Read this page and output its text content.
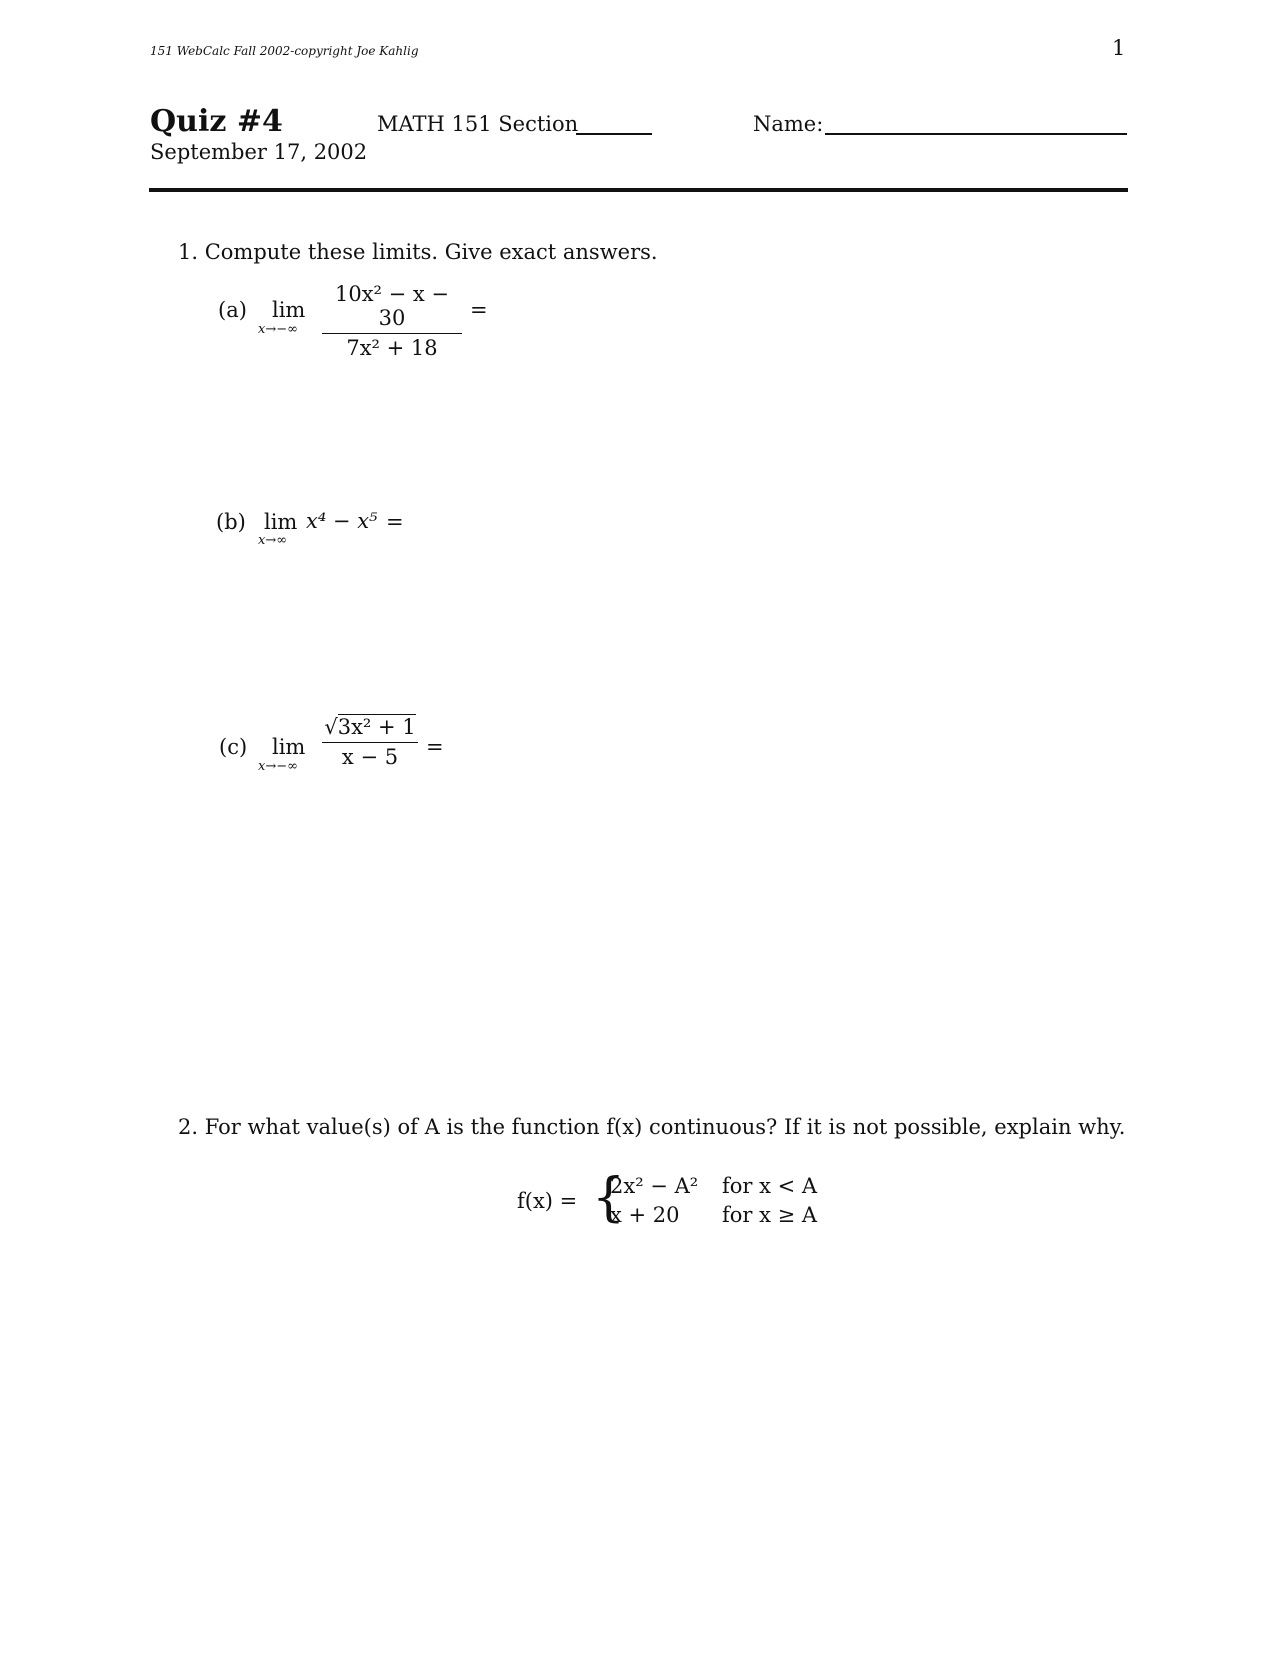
151 WebCalc Fall 2002-copyright Joe Kahlig	1
Quiz #4
September 17, 2002
MATH 151 Section	Name:
1. Compute these limits. Give exact answers.
(a) lim
$x\to-\infty \frac{\text{10x² − x − 30}}{\text{7x² + 18}}$ =
(b) lim
x→∞
x⁴ − x⁵ =
(c) lim
$x\to-\infty \frac{\text{√3x² + 1}}{x - 5}$ =
2. For what value(s) of A is the function f(x) continuous? If it is not possible, explain why.
f(x) = {
2x² − A² for x < A
x + 20 for x ≥ A
